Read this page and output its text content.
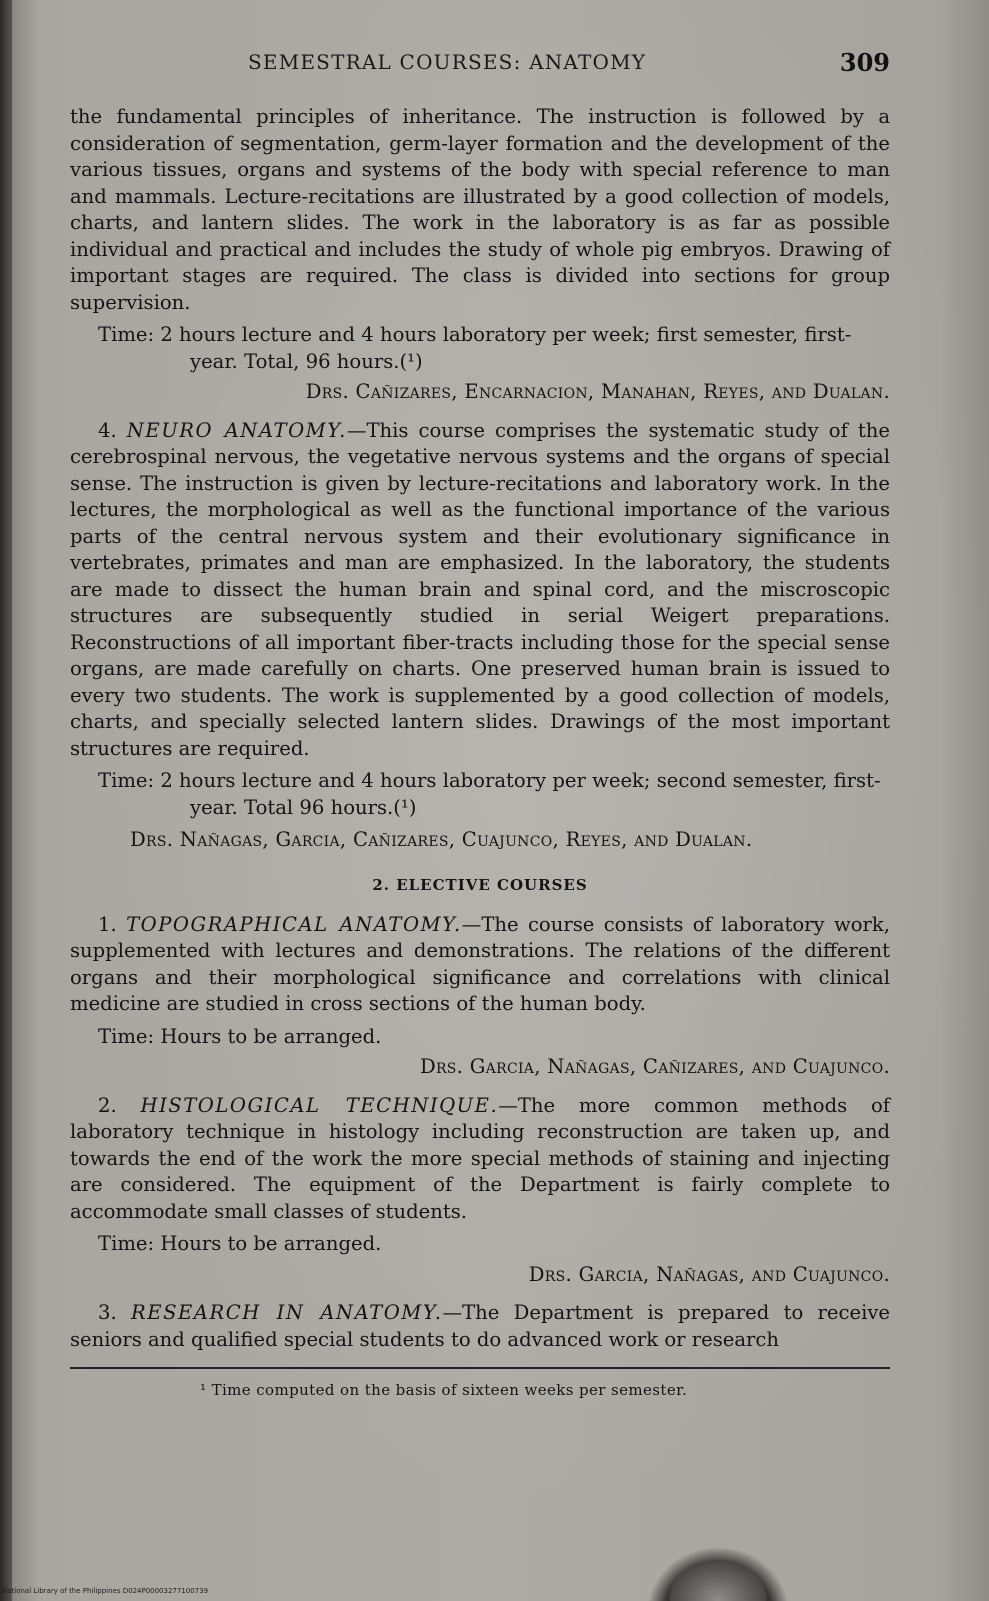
SEMESTRAL COURSES: ANATOMY	309

the fundamental principles of inheritance. The instruction is followed by a consideration of segmentation, germ-layer formation and the development of the various tissues, organs and systems of the body with special reference to man and mammals. Lecture-recitations are illustrated by a good collection of models, charts, and lantern slides. The work in the laboratory is as far as possible individual and practical and includes the study of whole pig embryos. Drawing of important stages are required. The class is divided into sections for group supervision.

Time: 2 hours lecture and 4 hours laboratory per week; first semester, first-year. Total, 96 hours.(¹)

Drs. Cañizares, Encarnacion, Manahan, Reyes, and Dualan.

4. NEURO ANATOMY.—This course comprises the systematic study of the cerebrospinal nervous, the vegetative nervous systems and the organs of special sense. The instruction is given by lecture-recitations and laboratory work. In the lectures, the morphological as well as the functional importance of the various parts of the central nervous system and their evolutionary significance in vertebrates, primates and man are emphasized. In the laboratory, the students are made to dissect the human brain and spinal cord, and the miscroscopic structures are subsequently studied in serial Weigert preparations. Reconstructions of all important fiber-tracts including those for the special sense organs, are made carefully on charts. One preserved human brain is issued to every two students. The work is supplemented by a good collection of models, charts, and specially selected lantern slides. Drawings of the most important structures are required.

Time: 2 hours lecture and 4 hours laboratory per week; second semester, first-year. Total 96 hours.(¹)

Drs. Nañagas, Garcia, Cañizares, Cuajunco, Reyes, and Dualan.

2. ELECTIVE COURSES

1. TOPOGRAPHICAL ANATOMY.—The course consists of laboratory work, supplemented with lectures and demonstrations. The relations of the different organs and their morphological significance and correlations with clinical medicine are studied in cross sections of the human body.

Time: Hours to be arranged.

Drs. Garcia, Nañagas, Cañizares, and Cuajunco.

2. HISTOLOGICAL TECHNIQUE.—The more common methods of laboratory technique in histology including reconstruction are taken up, and towards the end of the work the more special methods of staining and injecting are considered. The equipment of the Department is fairly complete to accommodate small classes of students.

Time: Hours to be arranged.

Drs. Garcia, Nañagas, and Cuajunco.

3. RESEARCH IN ANATOMY.—The Department is prepared to receive seniors and qualified special students to do advanced work or research

¹ Time computed on the basis of sixteen weeks per semester.

National Library of the Philippines D024P00003277100739
